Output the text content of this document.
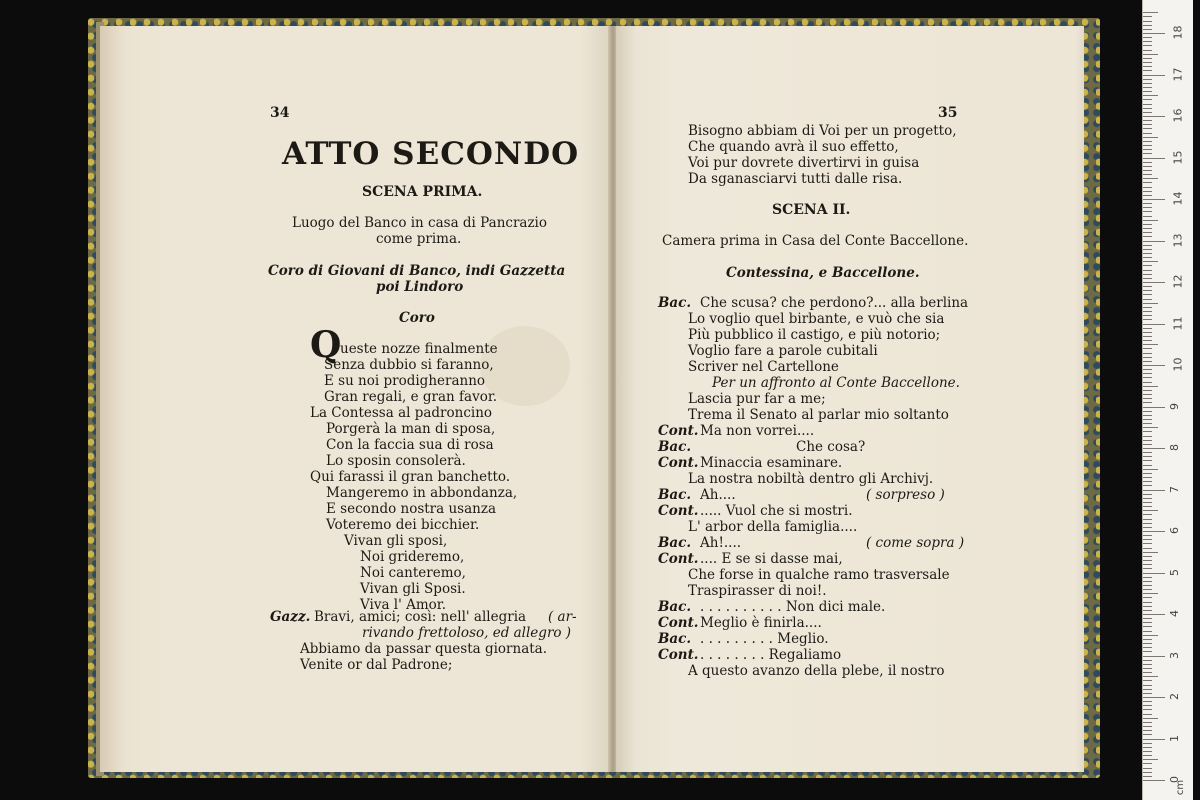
34
ATTO SECONDO
SCENA PRIMA.
Luogo del Banco in casa di Pancrazio
come prima.
Coro di Giovani di Banco, indi Gazzetta
poi Lindoro
Coro
Q
ueste nozze finalmente
Senza dubbio si faranno,
E su noi prodigheranno
Gran regali, e gran favor.
La Contessa al padroncino
Porgerà la man di sposa,
Con la faccia sua di rosa
Lo sposin consolerà.
Qui farassi il gran banchetto.
Mangeremo in abbondanza,
E secondo nostra usanza
Voteremo dei bicchier.
Vivan gli sposi,
Noi grideremo,
Noi canteremo,
Vivan gli Sposi.
Viva l' Amor.
Gazz. Bravi, amici; così: nell' allegria ( ar-
rivando frettoloso, ed allegro )
Abbiamo da passar questa giornata.
Venite or dal Padrone;
35
Bisogno abbiam di Voi per un progetto,
Che quando avrà il suo effetto,
Voi pur dovrete divertirvi in guisa
Da sganasciarvi tutti dalle risa.
SCENA II.
Camera prima in Casa del Conte Baccellone.
Contessina, e Baccellone.
Bac. Che scusa? che perdono?... alla berlina
Lo voglio quel birbante, e vuò che sia
Più pubblico il castigo, e più notorio;
Voglio fare a parole cubitali
Scriver nel Cartellone
Per un affronto al Conte Baccellone.
Lascia pur far a me;
Trema il Senato al parlar mio soltanto
Cont. Ma non vorrei....
Bac.	Che cosa?
Cont. Minaccia esaminare.
La nostra nobiltà dentro gli Archivj.
Bac. Ah....	( sorpreso )
Cont. ..... Vuol che si mostri.
L' arbor della famiglia....
Bac. Ah!....	( come sopra )
Cont. .... E se si dasse mai,
Che forse in qualche ramo trasversale
Traspirasser di noi!.
Bac. . . . . . . . . . . Non dici male.
Cont. Meglio è finirla....
Bac. . . . . . . . . . Meglio.
Cont. . . . . . . . . Regaliamo
A questo avanzo della plebe, il nostro
0
1
2
3
4
5
6
7
8
9
10
11
12
13
14
15
16
17
18
cm
